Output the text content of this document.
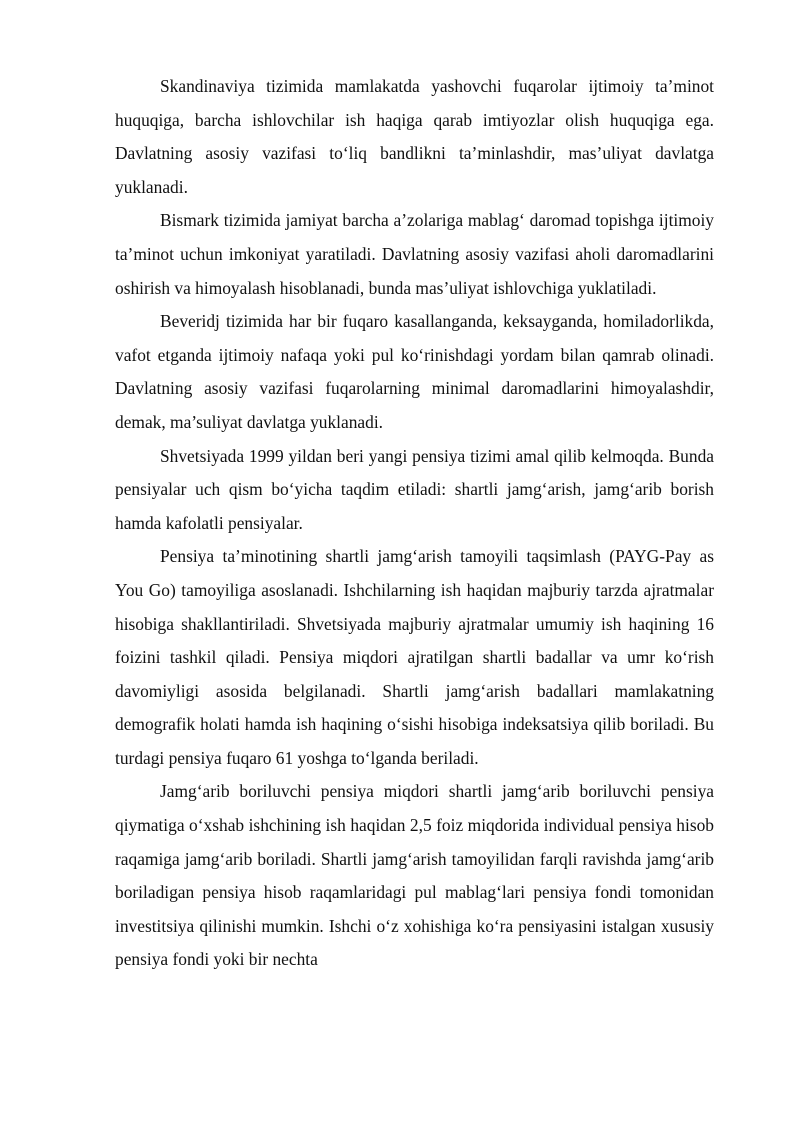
Skandinaviya tizimida mamlakatda yashovchi fuqarolar ijtimoiy ta’minot huquqiga, barcha ishlovchilar ish haqiga qarab imtiyozlar olish huquqiga ega. Davlatning asosiy vazifasi to‘liq bandlikni ta’minlashdir, mas’uliyat davlatga yuklanadi.

Bismark tizimida jamiyat barcha a’zolariga mablag‘ daromad topishga ijtimoiy ta’minot uchun imkoniyat yaratiladi. Davlatning asosiy vazifasi aholi daromadlarini oshirish va himoyalash hisoblanadi, bunda mas’uliyat ishlovchiga yuklatiladi.

Beveridj tizimida har bir fuqaro kasallanganda, keksayganda, homiladorlikda, vafot etganda ijtimoiy nafaqa yoki pul ko‘rinishdagi yordam bilan qamrab olinadi. Davlatning asosiy vazifasi fuqarolarning minimal daromadlarini himoyalashdir, demak, ma’suliyat davlatga yuklanadi.

Shvetsiyada 1999 yildan beri yangi pensiya tizimi amal qilib kelmoqda. Bunda pensiyalar uch qism bo‘yicha taqdim etiladi: shartli jamg‘arish, jamg‘arib borish hamda kafolatli pensiyalar.

Pensiya ta’minotining shartli jamg‘arish tamoyili taqsimlash (PAYG-Pay as You Go) tamoyiliga asoslanadi. Ishchilarning ish haqidan majburiy tarzda ajratmalar hisobiga shakllantiriladi. Shvetsiyada majburiy ajratmalar umumiy ish haqining 16 foizini tashkil qiladi. Pensiya miqdori ajratilgan shartli badallar va umr ko‘rish davomiyligi asosida belgilanadi. Shartli jamg‘arish badallari mamlakatning demografik holati hamda ish haqining o‘sishi hisobiga indeksatsiya qilib boriladi. Bu turdagi pensiya fuqaro 61 yoshga to‘lganda beriladi.

Jamg‘arib boriluvchi pensiya miqdori shartli jamg‘arib boriluvchi pensiya qiymatiga o‘xshab ishchining ish haqidan 2,5 foiz miqdorida individual pensiya hisob raqamiga jamg‘arib boriladi. Shartli jamg‘arish tamoyilidan farqli ravishda jamg‘arib boriladigan pensiya hisob raqamlaridagi pul mablag‘lari pensiya fondi tomonidan investitsiya qilinishi mumkin. Ishchi o‘z xohishiga ko‘ra pensiyasini istalgan xususiy pensiya fondi yoki bir nechta
